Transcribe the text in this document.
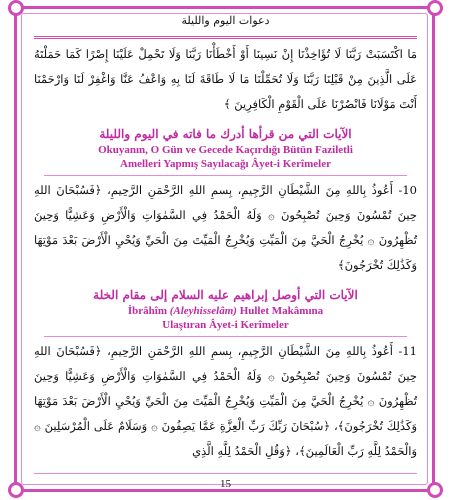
دعوات اليوم والليلة
مَا اكْتَسَبَتْ رَبَّنَا لَا تُؤَاخِذْنَا إِنْ نَسِينَا أَوْ أَخْطَأْنَا رَبَّنَا وَلَا تَحْمِلْ عَلَيْنَا إِصْرًا كَمَا حَمَلْتَهُ عَلَى الَّذِينَ مِنْ قَبْلِنَا رَبَّنَا وَلَا تُحَمِّلْنَا مَا لَا طَاقَةَ لَنَا بِهِ وَاعْفُ عَنَّا وَاغْفِرْ لَنَا وَارْحَمْنَا أَنْتَ مَوْلَانَا فَانْصُرْنَا عَلَى الْقَوْمِ الْكَافِرِينَ ﴾
الآيات التي من قرأها أدرك ما فاته في اليوم والليلة
Okuyanın, O Gün ve Gecede Kaçırdığı Bütün Faziletli
Amelleri Yapmış Sayılacağı Âyet-i Kerîmeler
10- أَعُوذُ بِاللهِ مِنَ الشَّيْطَانِ الرَّجِيمِ، بِسمِ اللهِ الرَّحْمَنِ الرَّحِيمِ، ﴿فَسُبْحَانَ اللهِ حِينَ تُمْسُونَ وَحِينَ تُصْبِحُونَ ۞ وَلَهُ الْحَمْدُ فِي السَّمٰوَاتِ وَالْأَرْضِ وَعَشِيًّا وَحِينَ تُظْهِرُونَ ۞ يُخْرِجُ الْحَيَّ مِنَ الْمَيِّتِ وَيُخْرِجُ الْمَيِّتَ مِنَ الْحَيِّ وَيُحْيِ الْأَرْضَ بَعْدَ مَوْتِهَا وَكَذَٰلِكَ تُخْرَجُونَ﴾
الآيات التي أوصل إبراهيم عليه السلام إلى مقام الخلة
İbrâhîm (Aleyhisselâm) Hullet Makâmına
Ulaştıran Âyet-i Kerîmeler
11- أَعُوذُ بِاللهِ مِنَ الشَّيْطَانِ الرَّجِيمِ، بِسمِ اللهِ الرَّحْمَنِ الرَّحِيمِ، ﴿فَسُبْحَانَ اللهِ حِينَ تُمْسُونَ وَحِينَ تُصْبِحُونَ ۞ وَلَهُ الْحَمْدُ فِي السَّمٰوَاتِ وَالْأَرْضِ وَعَشِيًّا وَحِينَ تُظْهِرُونَ ۞ يُخْرِجُ الْحَيَّ مِنَ الْمَيِّتِ وَيُخْرِجُ الْمَيِّتَ مِنَ الْحَيِّ وَيُحْيِ الْأَرْضَ بَعْدَ مَوْتِهَا وَكَذَٰلِكَ تُخْرَجُونَ﴾، ﴿سُبْحَانَ رَبِّكَ رَبِّ الْعِزَّةِ عَمَّا يَصِفُونَ ۞ وَسَلَامٌ عَلَى الْمُرْسَلِينَ ۞ وَالْحَمْدُ لِلَّهِ رَبِّ الْعَالَمِينَ﴾، ﴿وَقُلِ الْحَمْدُ لِلَّهِ الَّذِي
15
